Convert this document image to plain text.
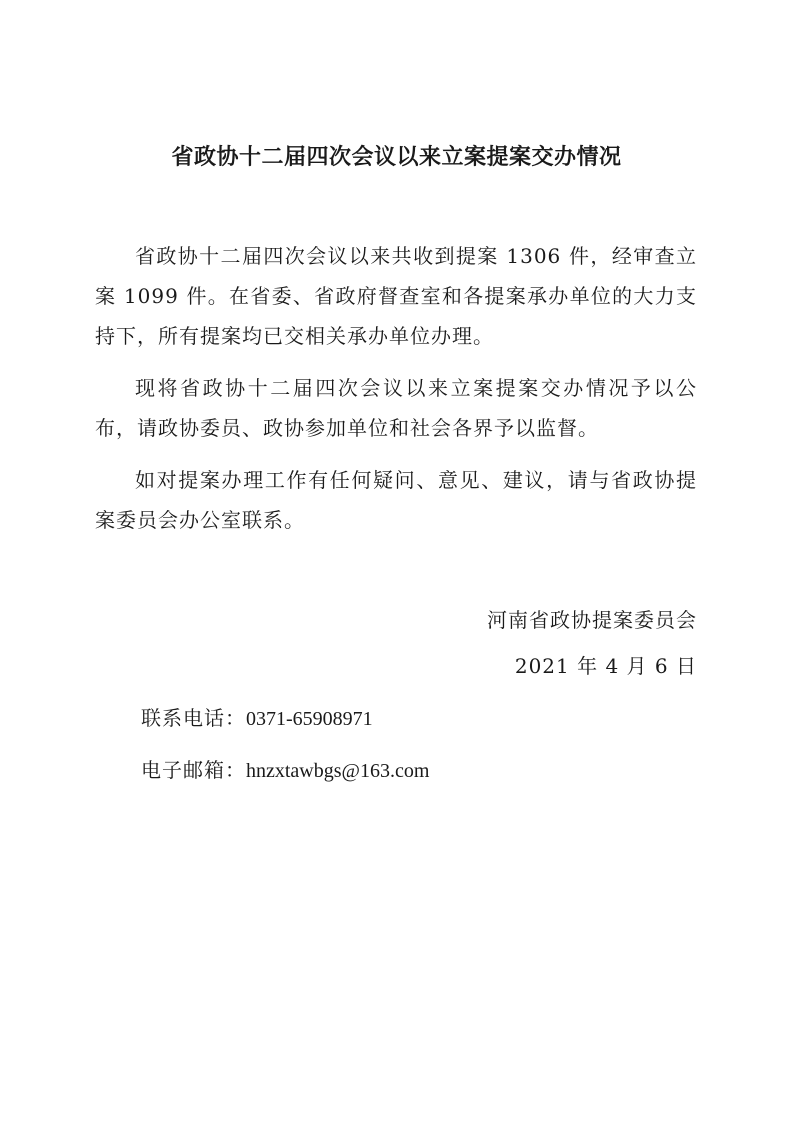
省政协十二届四次会议以来立案提案交办情况

省政协十二届四次会议以来共收到提案 1306 件，经审查立案 1099 件。在省委、省政府督查室和各提案承办单位的大力支持下，所有提案均已交相关承办单位办理。

现将省政协十二届四次会议以来立案提案交办情况予以公布，请政协委员、政协参加单位和社会各界予以监督。

如对提案办理工作有任何疑问、意见、建议，请与省政协提案委员会办公室联系。

河南省政协提案委员会

2021 年 4 月 6 日

联系电话：0371-65908971

电子邮箱：hnzxtawbgs@163.com
